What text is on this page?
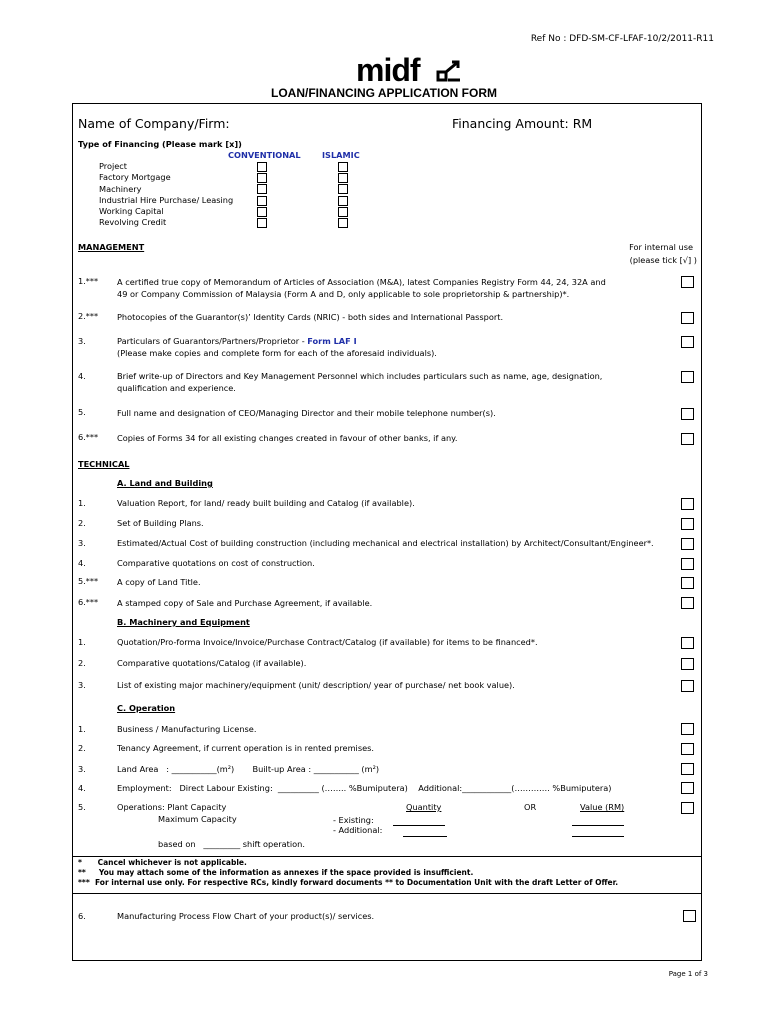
Ref No : DFD-SM-CF-LFAF-10/2/2011-R11
midf
LOAN/FINANCING APPLICATION FORM
Name of Company/Firm:	Financing Amount: RM
Type of Financing (Please mark [x])
CONVENTIONAL	ISLAMIC
Project
Factory Mortgage
Machinery
Industrial Hire Purchase/ Leasing
Working Capital
Revolving Credit
MANAGEMENT	For internal use
(please tick [√] )
1.*** A certified true copy of Memorandum of Articles of Association (M&A), latest Companies Registry Form 44, 24, 32A and
49 or Company Commission of Malaysia (Form A and D, only applicable to sole proprietorship & partnership)*.
2.*** Photocopies of the Guarantor(s)’ Identity Cards (NRIC) - both sides and International Passport.
3.	Particulars of Guarantors/Partners/Proprietor - Form LAF I
(Please make copies and complete form for each of the aforesaid individuals).
4.	Brief write-up of Directors and Key Management Personnel which includes particulars such as name, age, designation,
qualification and experience.
5.	Full name and designation of CEO/Managing Director and their mobile telephone number(s).
6.*** Copies of Forms 34 for all existing changes created in favour of other banks, if any.
TECHNICAL
A. Land and Building
1.	Valuation Report, for land/ ready built building and Catalog (if available).
2.	Set of Building Plans.
3.	Estimated/Actual Cost of building construction (including mechanical and electrical installation) by Architect/Consultant/Engineer*.
4.	Comparative quotations on cost of construction.
5.*** A copy of Land Title.
6.*** A stamped copy of Sale and Purchase Agreement, if available.
B. Machinery and Equipment
1.	Quotation/Pro-forma Invoice/Invoice/Purchase Contract/Catalog (if available) for items to be financed*.
2.	Comparative quotations/Catalog (if available).
3.	List of existing major machinery/equipment (unit/ description/ year of purchase/ net book value).
C. Operation
1.	Business / Manufacturing License.
2.	Tenancy Agreement, if current operation is in rented premises.
3.	Land Area   : ___________(m²)       Built-up Area : ___________ (m²)
4.	Employment:   Direct Labour Existing:  __________ (…….. %Bumiputera)    Additional:____________(…………. %Bumiputera)
5.	Operations: Plant Capacity	Quantity	OR	Value (RM)
Maximum Capacity	- Existing:
- Additional:
based on   _________ shift operation.
*      Cancel whichever is not applicable.
**     You may attach some of the information as annexes if the space provided is insufficient.
***  For internal use only. For respective RCs, kindly forward documents ** to Documentation Unit with the draft Letter of Offer.
6.	Manufacturing Process Flow Chart of your product(s)/ services.
Page 1 of 3
